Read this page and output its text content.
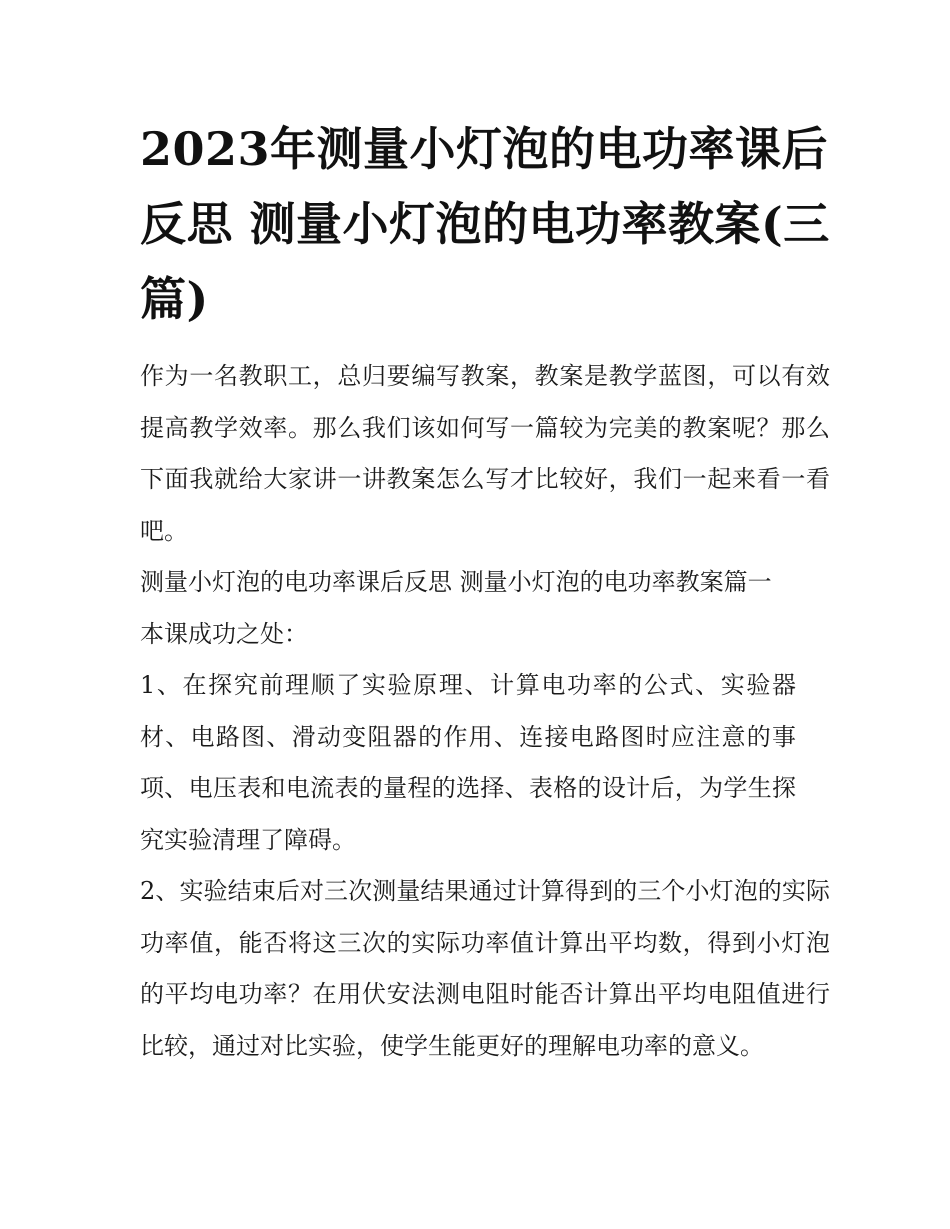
2023年测量小灯泡的电功率课后反思 测量小灯泡的电功率教案(三篇)

作为一名教职工，总归要编写教案，教案是教学蓝图，可以有效提高教学效率。那么我们该如何写一篇较为完美的教案呢？那么下面我就给大家讲一讲教案怎么写才比较好，我们一起来看一看吧。

测量小灯泡的电功率课后反思 测量小灯泡的电功率教案篇一

本课成功之处：

1、在探究前理顺了实验原理、计算电功率的公式、实验器材、电路图、滑动变阻器的作用、连接电路图时应注意的事项、电压表和电流表的量程的选择、表格的设计后，为学生探究实验清理了障碍。

2、实验结束后对三次测量结果通过计算得到的三个小灯泡的实际功率值，能否将这三次的实际功率值计算出平均数，得到小灯泡的平均电功率？在用伏安法测电阻时能否计算出平均电阻值进行比较，通过对比实验，使学生能更好的理解电功率的意义。
